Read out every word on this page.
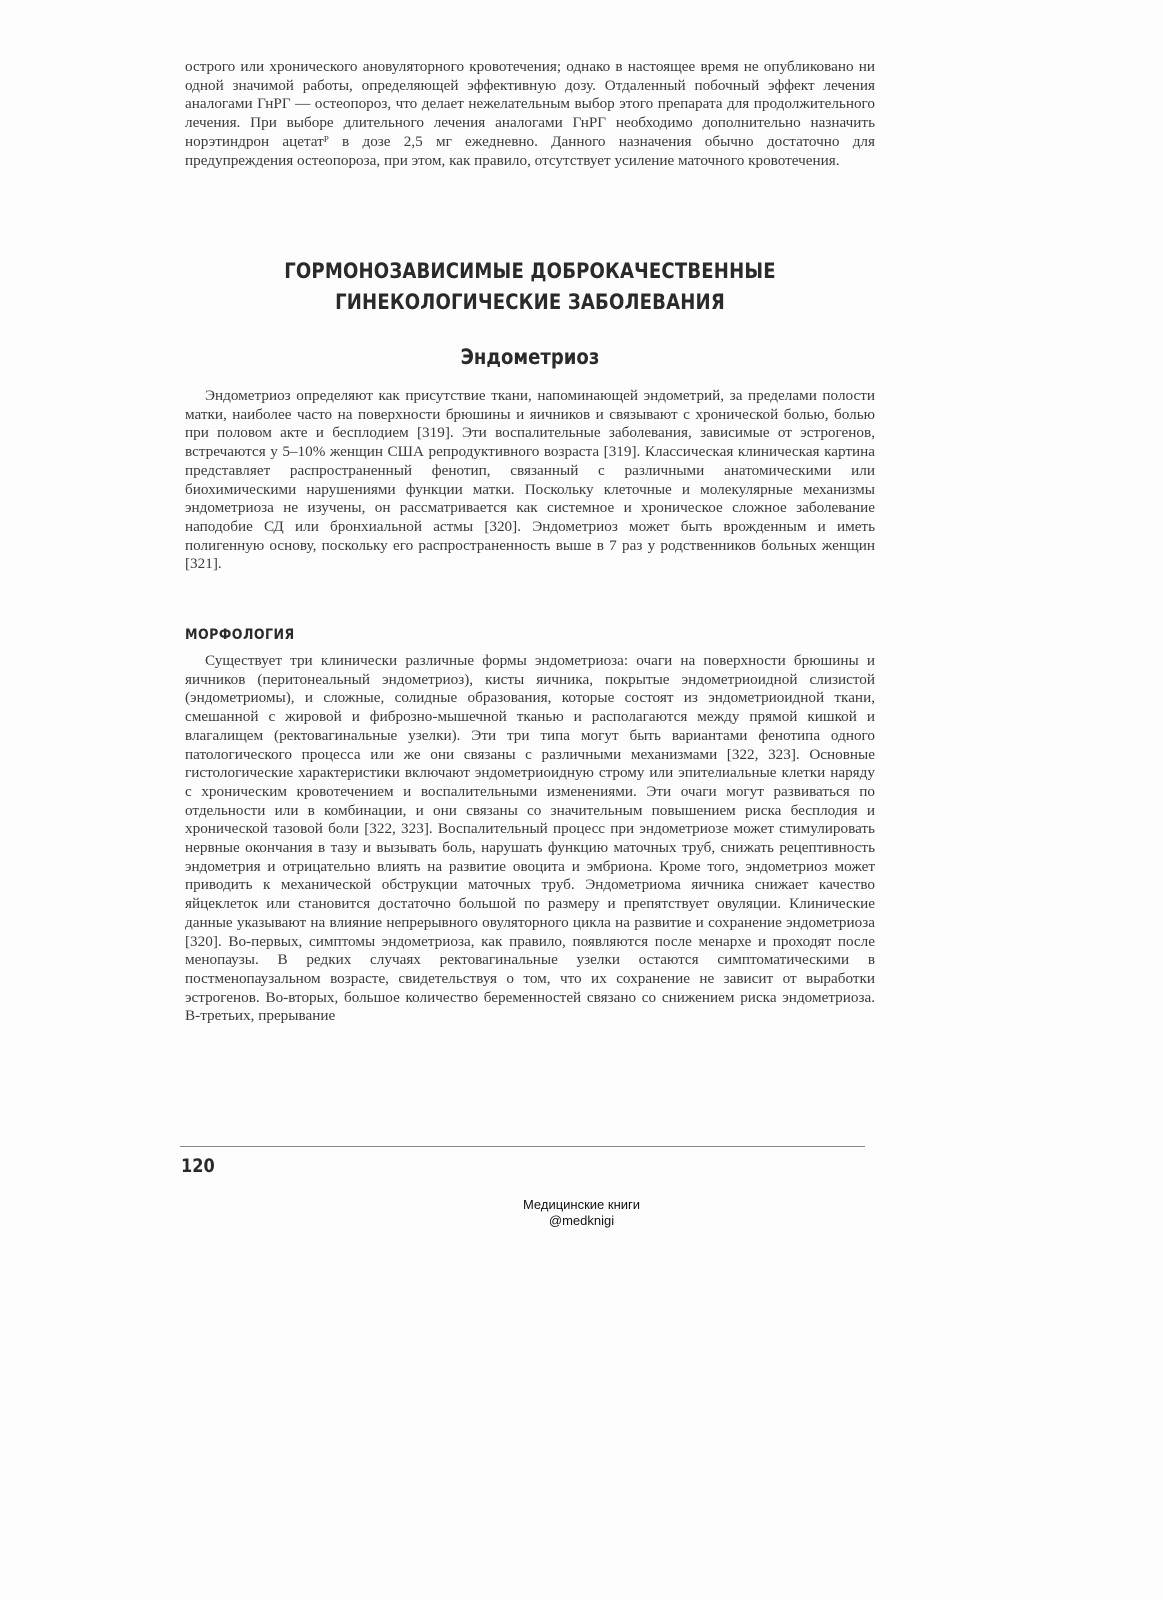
острого или хронического ановуляторного кровотечения; однако в настоящее время не опубликовано ни одной значимой работы, определяющей эффективную дозу. Отдаленный побочный эффект лечения аналогами ГнРГ — остеопороз, что делает нежелательным выбор этого препарата для продолжительного лечения. При выборе длительного лечения аналогами ГнРГ необходимо дополнительно назначить норэтиндрон ацетатᴾ в дозе 2,5 мг ежедневно. Данного назначения обычно достаточно для предупреждения остеопороза, при этом, как правило, отсутствует усиление маточного кровотечения.

ГОРМОНОЗАВИСИМЫЕ ДОБРОКАЧЕСТВЕННЫЕ
ГИНЕКОЛОГИЧЕСКИЕ ЗАБОЛЕВАНИЯ
Эндометриоз

Эндометриоз определяют как присутствие ткани, напоминающей эндометрий, за пределами полости матки, наиболее часто на поверхности брюшины и яичников и связывают с хронической болью, болью при половом акте и бесплодием [319]. Эти воспалительные заболевания, зависимые от эстрогенов, встречаются у 5–10% женщин США репродуктивного возраста [319]. Классическая клиническая картина представляет распространенный фенотип, связанный с различными анатомическими или биохимическими нарушениями функции матки. Поскольку клеточные и молекулярные механизмы эндометриоза не изучены, он рассматривается как системное и хроническое сложное заболевание наподобие СД или бронхиальной астмы [320]. Эндометриоз может быть врожденным и иметь полигенную основу, поскольку его распространенность выше в 7 раз у родственников больных женщин [321].

МОРФОЛОГИЯ

Существует три клинически различные формы эндометриоза: очаги на поверхности брюшины и яичников (перитонеальный эндометриоз), кисты яичника, покрытые эндометриоидной слизистой (эндометриомы), и сложные, солидные образования, которые состоят из эндометриоидной ткани, смешанной с жировой и фиброзно-мышечной тканью и располагаются между прямой кишкой и влагалищем (ректовагинальные узелки). Эти три типа могут быть вариантами фенотипа одного патологического процесса или же они связаны с различными механизмами [322, 323]. Основные гистологические характеристики включают эндометриоидную строму или эпителиальные клетки наряду с хроническим кровотечением и воспалительными изменениями. Эти очаги могут развиваться по отдельности или в комбинации, и они связаны со значительным повышением риска бесплодия и хронической тазовой боли [322, 323]. Воспалительный процесс при эндометриозе может стимулировать нервные окончания в тазу и вызывать боль, нарушать функцию маточных труб, снижать рецептивность эндометрия и отрицательно влиять на развитие овоцита и эмбриона. Кроме того, эндометриоз может приводить к механической обструкции маточных труб. Эндометриома яичника снижает качество яйцеклеток или становится достаточно большой по размеру и препятствует овуляции. Клинические данные указывают на влияние непрерывного овуляторного цикла на развитие и сохранение эндометриоза [320]. Во-первых, симптомы эндометриоза, как правило, появляются после менархе и проходят после менопаузы. В редких случаях ректовагинальные узелки остаются симптоматическими в постменопаузальном возрасте, свидетельствуя о том, что их сохранение не зависит от выработки эстрогенов. Во-вторых, большое количество беременностей связано со снижением риска эндометриоза. В-третьих, прерывание

120
Медицинские книги
@medknigi
